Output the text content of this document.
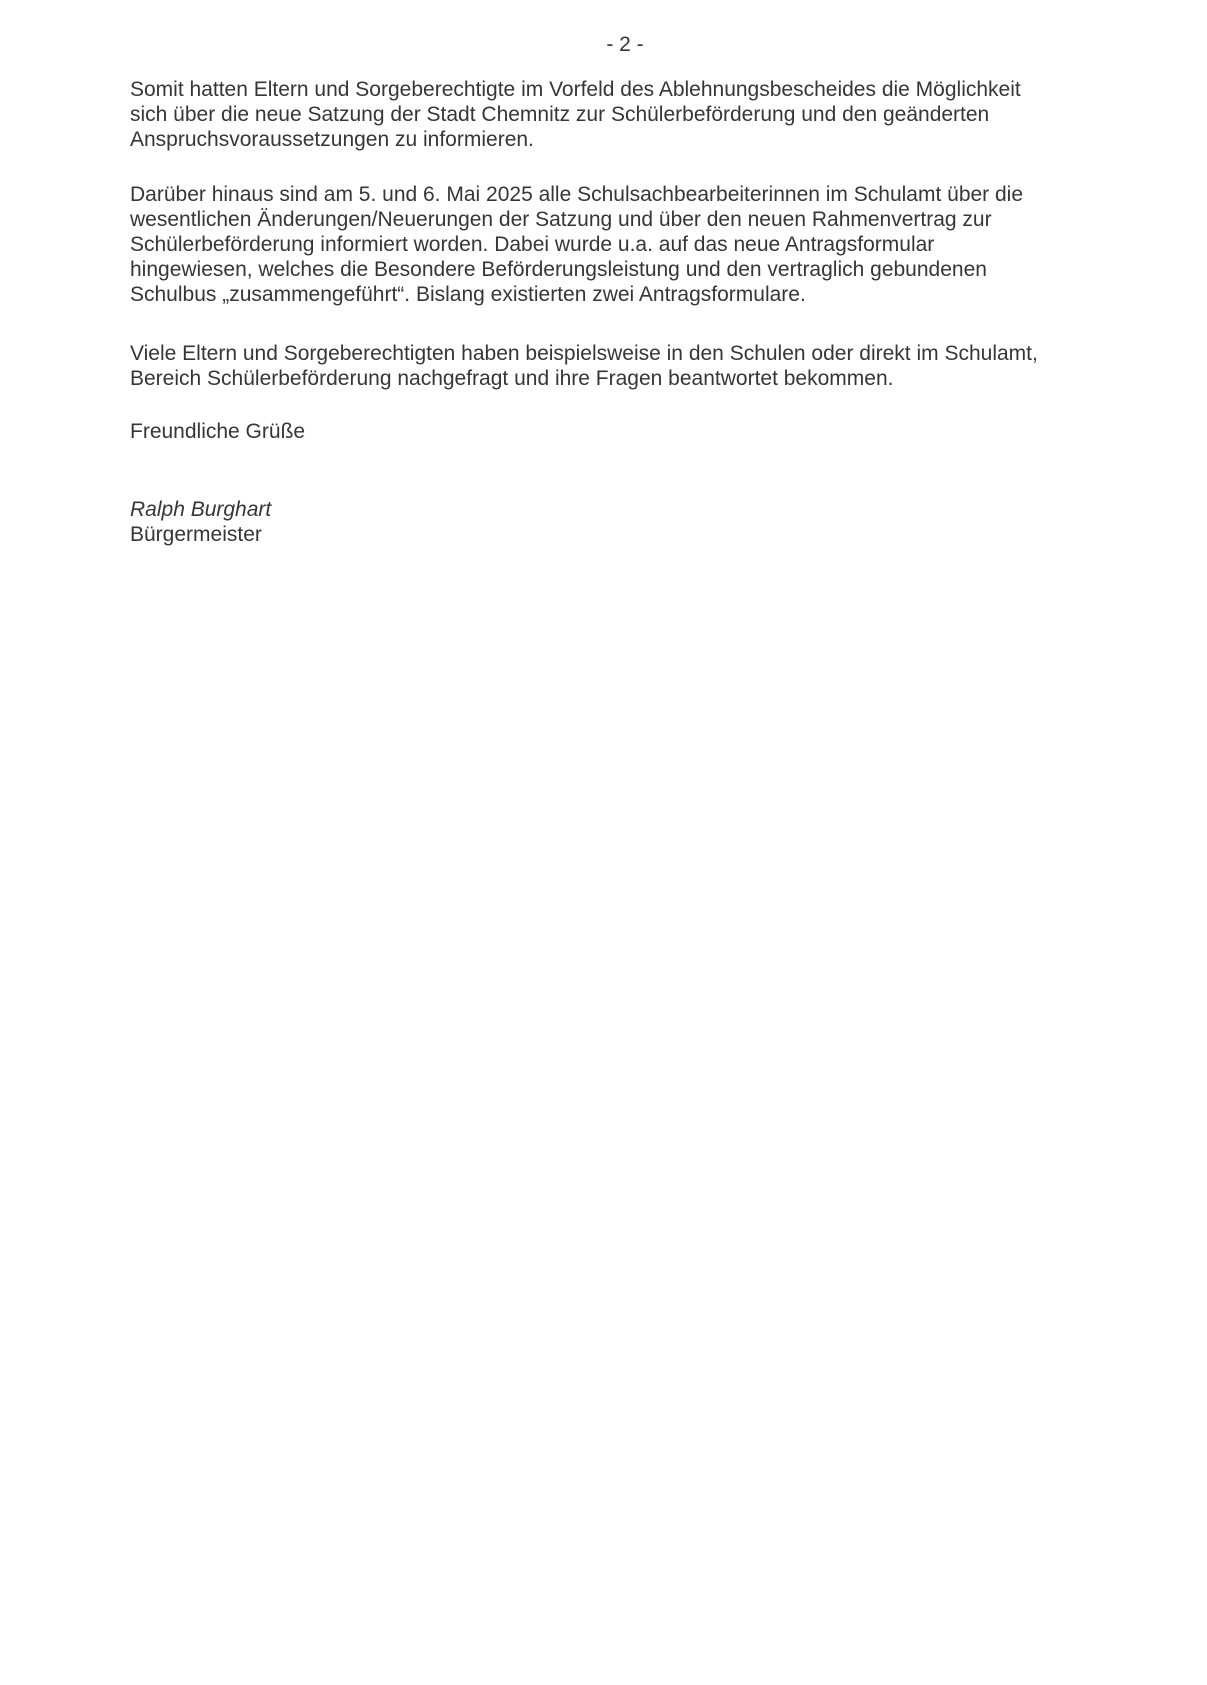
- 2 -
Somit hatten Eltern und Sorgeberechtigte im Vorfeld des Ablehnungsbescheides die Möglichkeit
sich über die neue Satzung der Stadt Chemnitz zur Schülerbeförderung und den geänderten
Anspruchsvoraussetzungen zu informieren.
Darüber hinaus sind am 5. und 6. Mai 2025 alle Schulsachbearbeiterinnen im Schulamt über die
wesentlichen Änderungen/Neuerungen der Satzung und über den neuen Rahmenvertrag zur
Schülerbeförderung informiert worden. Dabei wurde u.a. auf das neue Antragsformular
hingewiesen, welches die Besondere Beförderungsleistung und den vertraglich gebundenen
Schulbus „zusammengeführt“. Bislang existierten zwei Antragsformulare.
Viele Eltern und Sorgeberechtigten haben beispielsweise in den Schulen oder direkt im Schulamt,
Bereich Schülerbeförderung nachgefragt und ihre Fragen beantwortet bekommen.
Freundliche Grüße
Ralph Burghart
Bürgermeister
